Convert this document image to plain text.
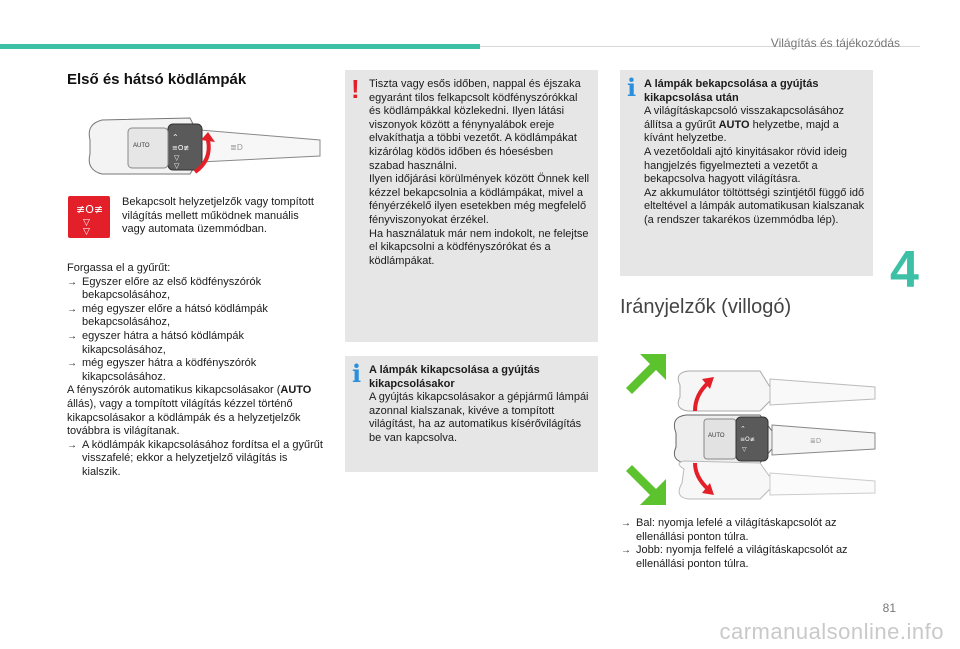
Világítás és tájékozódás
4
81
carmanualsonline.info
Első és hátsó ködlámpák
AUTO
⌃
≡O≢
▽
▽
≣D
≢O≢
▽
▽
Bekapcsolt helyzetjelzők vagy tompított világítás mellett működnek manuális vagy automata üzemmódban.

Forgassa el a gyűrűt:

→ Egyszer előre az első ködfényszórók bekapcsolásához,

→ még egyszer előre a hátsó ködlámpák bekapcsolásához,

→ egyszer hátra a hátsó ködlámpák kikapcsolásához,

→ még egyszer hátra a ködfényszórók kikapcsolásához.

A fényszórók automatikus kikapcsolásakor (AUTO állás), vagy a tompított világítás kézzel történő kikapcsolásakor a ködlámpák és a helyzetjelzők továbbra is világítanak.

→ A ködlámpák kikapcsolásához fordítsa el a gyűrűt visszafelé; ekkor a helyzetjelző világítás is kialszik.

! Tiszta vagy esős időben, nappal és éjszaka egyaránt tilos felkapcsolt ködfényszórókkal és ködlámpákkal közlekedni. Ilyen látási viszonyok között a fénynyalábok ereje elvakíthatja a többi vezetőt. A ködlámpákat kizárólag ködös időben és hóesésben szabad használni.
Ilyen időjárási körülmények között Önnek kell kézzel bekapcsolnia a ködlámpákat, mivel a fényérzékelő ilyen esetekben még megfelelő fényviszonyokat érzékel.
Ha használatuk már nem indokolt, ne felejtse el kikapcsolni a ködfényszórókat és a ködlámpákat.
i A lámpák kikapcsolása a gyújtás kikapcsolásakor

A gyújtás kikapcsolásakor a gépjármű lámpái azonnal kialszanak, kivéve a tompított világítást, ha az automatikus kísérővilágítás be van kapcsolva.

i A lámpák bekapcsolása a gyújtás kikapcsolása után

A világításkapcsoló visszakapcsolásához állítsa a gyűrűt AUTO helyzetbe, majd a kívánt helyzetbe.
A vezetőoldali ajtó kinyitásakor rövid ideig hangjelzés figyelmezteti a vezetőt a bekapcsolva hagyott világításra.
Az akkumulátor töltöttségi szintjétől függő idő elteltével a lámpák automatikusan kialszanak (a rendszer takarékos üzemmódba lép).

Irányjelzők (villogó)
AUTO
⌃
≡O≢
▽
≣D

→ Bal: nyomja lefelé a világításkapcsolót az ellenállási ponton túlra.

→ Jobb: nyomja felfelé a világításkapcsolót az ellenállási ponton túlra.
